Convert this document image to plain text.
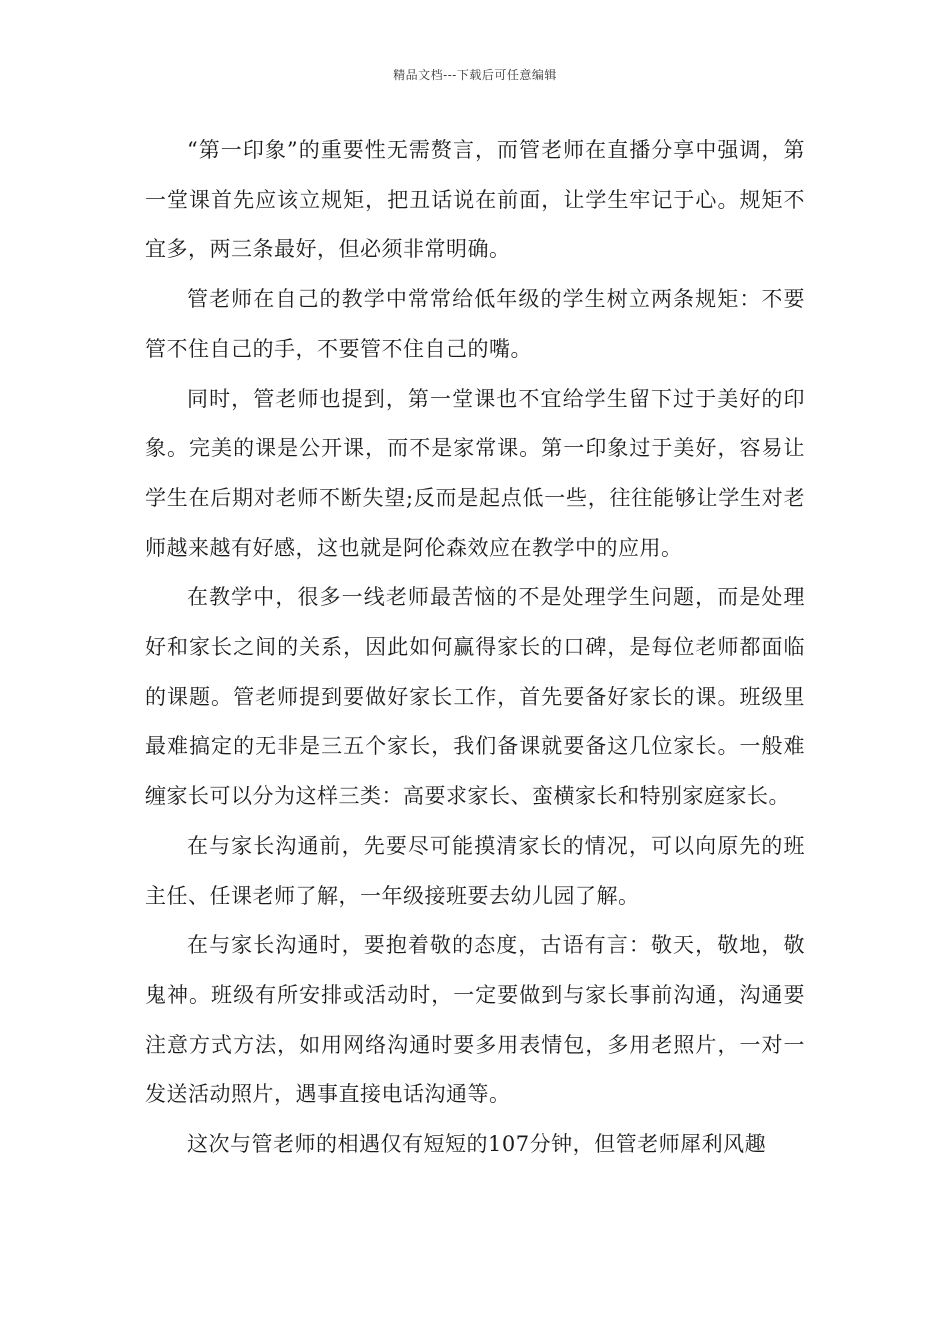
精品文档---下载后可任意编辑

“第一印象”的重要性无需赘言，而管老师在直播分享中强调，第一堂课首先应该立规矩，把丑话说在前面，让学生牢记于心。规矩不宜多，两三条最好，但必须非常明确。

管老师在自己的教学中常常给低年级的学生树立两条规矩：不要管不住自己的手，不要管不住自己的嘴。

同时，管老师也提到，第一堂课也不宜给学生留下过于美好的印象。完美的课是公开课，而不是家常课。第一印象过于美好，容易让学生在后期对老师不断失望;反而是起点低一些，往往能够让学生对老师越来越有好感，这也就是阿伦森效应在教学中的应用。

在教学中，很多一线老师最苦恼的不是处理学生问题，而是处理好和家长之间的关系，因此如何赢得家长的口碑，是每位老师都面临的课题。管老师提到要做好家长工作，首先要备好家长的课。班级里最难搞定的无非是三五个家长，我们备课就要备这几位家长。一般难缠家长可以分为这样三类：高要求家长、蛮横家长和特别家庭家长。

在与家长沟通前，先要尽可能摸清家长的情况，可以向原先的班主任、任课老师了解，一年级接班要去幼儿园了解。

在与家长沟通时，要抱着敬的态度，古语有言：敬天，敬地，敬鬼神。班级有所安排或活动时，一定要做到与家长事前沟通，沟通要注意方式方法，如用网络沟通时要多用表情包，多用老照片，一对一发送活动照片，遇事直接电话沟通等。

这次与管老师的相遇仅有短短的107分钟，但管老师犀利风趣
